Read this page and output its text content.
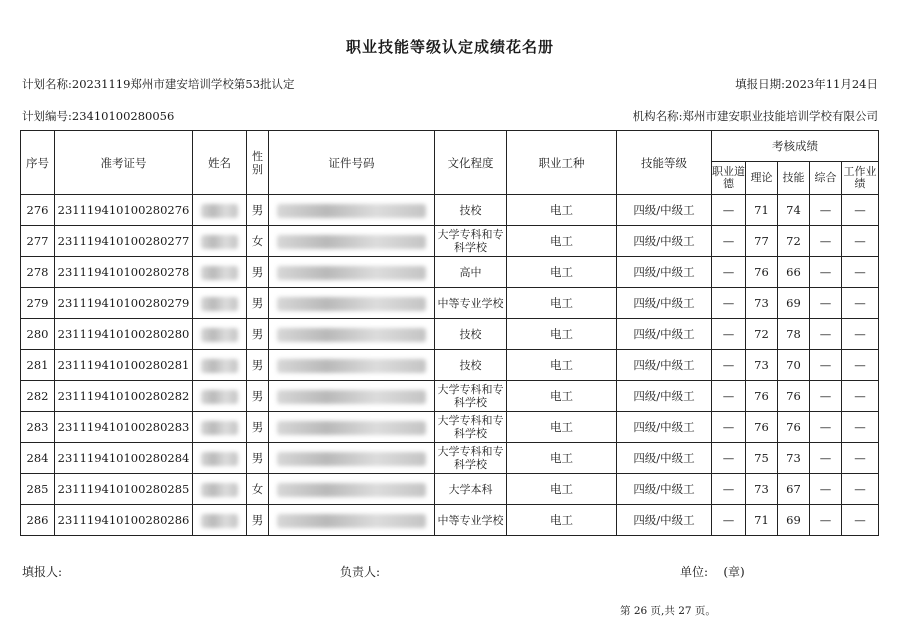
职业技能等级认定成绩花名册
计划名称:20231119郑州市建安培训学校第53批认定	填报日期:2023年11月24日
计划编号:23410100280056	机构名称:郑州市建安职业技能培训学校有限公司
序号	准考证号	姓名	性别	证件号码	文化程度	职业工种	技能等级	考核成绩				
								职业道德	理论	技能	综合	工作业绩
276	231119410100280276		男		技校	电工	四级/中级工	—	71	74	—	—
277	231119410100280277		女		大学专科和专科学校	电工	四级/中级工	—	77	72	—	—
278	231119410100280278		男		高中	电工	四级/中级工	—	76	66	—	—
279	231119410100280279		男		中等专业学校	电工	四级/中级工	—	73	69	—	—
280	231119410100280280		男		技校	电工	四级/中级工	—	72	78	—	—
281	231119410100280281		男		技校	电工	四级/中级工	—	73	70	—	—
282	231119410100280282		男		大学专科和专科学校	电工	四级/中级工	—	76	76	—	—
283	231119410100280283		男		大学专科和专科学校	电工	四级/中级工	—	76	76	—	—
284	231119410100280284		男		大学专科和专科学校	电工	四级/中级工	—	75	73	—	—
285	231119410100280285		女		大学本科	电工	四级/中级工	—	73	67	—	—
286	231119410100280286		男		中等专业学校	电工	四级/中级工	—	71	69	—	—
填报人:	负责人:	单位: (章)
第 26 页,共 27 页。
